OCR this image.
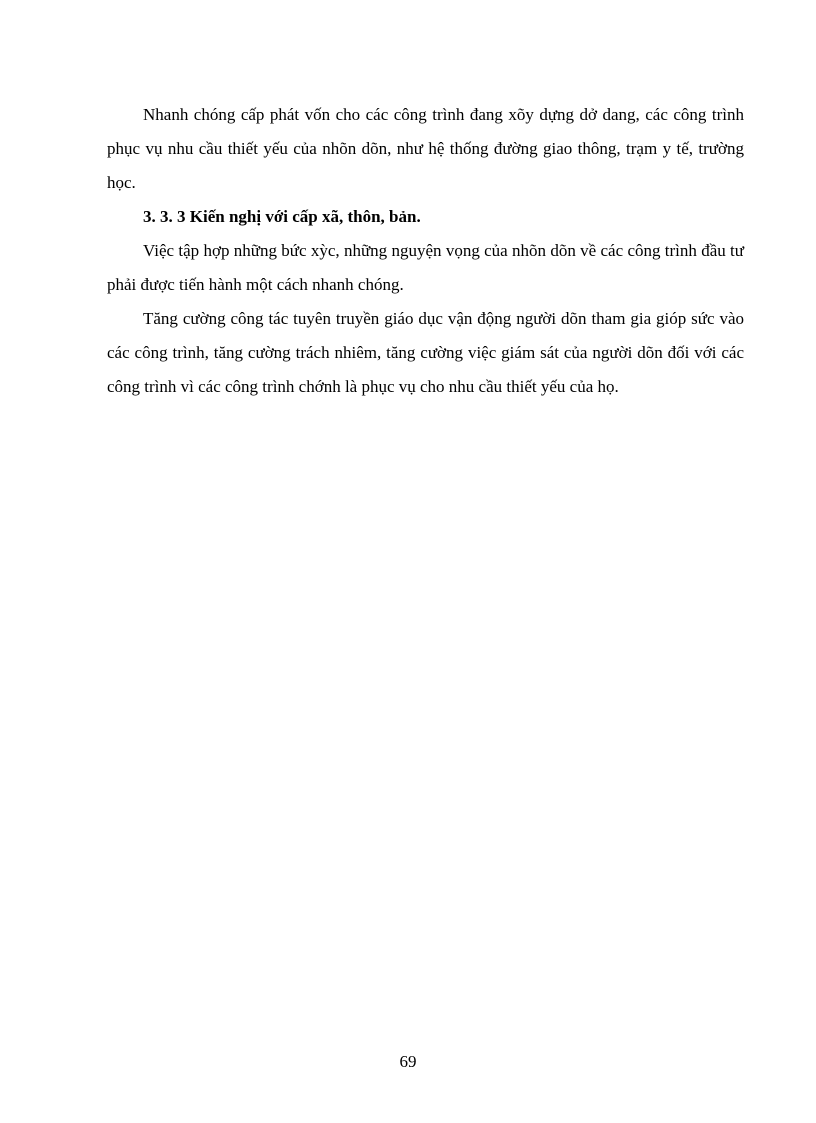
Nhanh chóng cấp phát vốn cho các công trình đang xõy dựng dở dang, các công trình phục vụ nhu cầu thiết yếu của nhõn dõn, như hệ thống đường giao thông, trạm y tế, trường học.

3. 3. 3 Kiến nghị với cấp xã, thôn, bản.

Việc tập hợp những bức xỳc, những nguyện vọng của nhõn dõn về các công trình đầu tư phải được tiến hành một cách nhanh chóng.

Tăng cường công tác tuyên truyền giáo dục vận động người dõn tham gia gióp sức vào các công trình, tăng cường trách nhiêm, tăng cường việc giám sát của người dõn đối với các công trình vì các công trình chớnh là phục vụ cho nhu cầu thiết yếu của họ.

69
